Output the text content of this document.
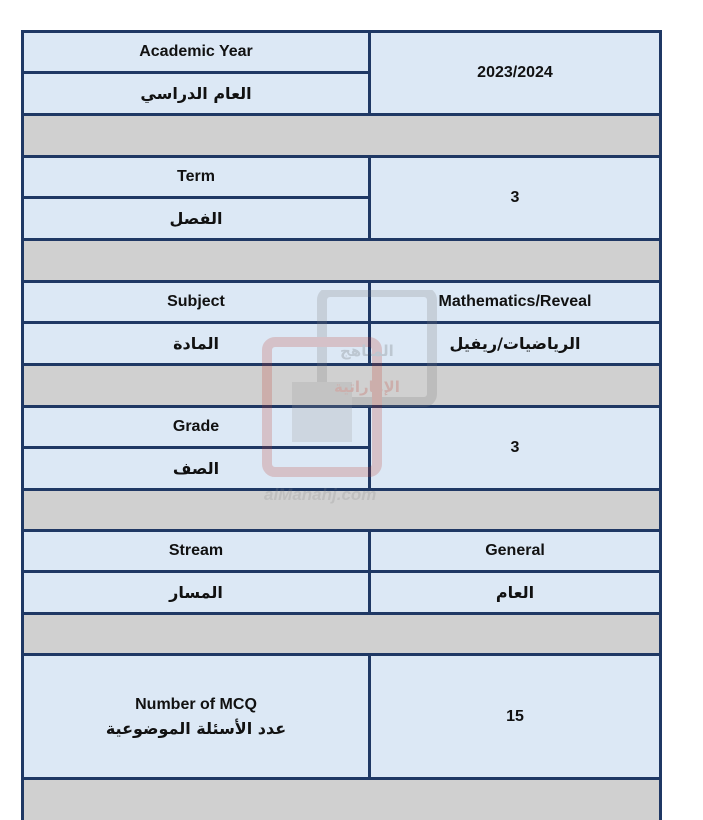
Academic Year
العام الدراسي
2023/2024
Term
الفصل
3
Subject
المادة
Mathematics/Reveal
الرياضيات/ريفيل
Grade
الصف
3
Stream
المسار
General
العام
Number of MCQ
عدد الأسئلة الموضوعية
15
المناهج
الإماراتية
alManahj.com
